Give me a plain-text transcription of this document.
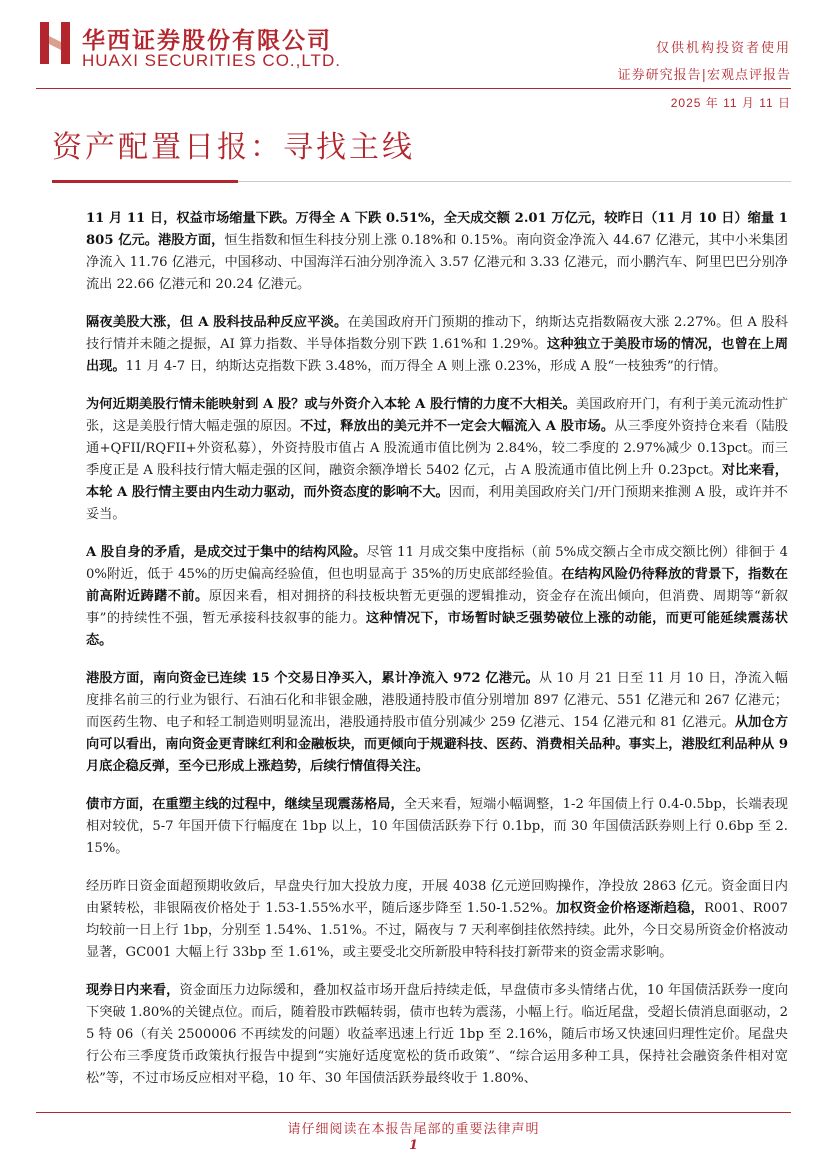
华西证券股份有限公司
HUAXI SECURITIES CO.,LTD.
仅供机构投资者使用
证券研究报告|宏观点评报告
2025 年 11 月 11 日
资产配置日报：寻找主线

11 月 11 日，权益市场缩量下跌。万得全 A 下跌 0.51%，全天成交额 2.01 万亿元，较昨日（11 月 10 日）缩量 1805 亿元。港股方面，恒生指数和恒生科技分别上涨 0.18%和 0.15%。南向资金净流入 44.67 亿港元，其中小米集团净流入 11.76 亿港元，中国移动、中国海洋石油分别净流入 3.57 亿港元和 3.33 亿港元，而小鹏汽车、阿里巴巴分别净流出 22.66 亿港元和 20.24 亿港元。

隔夜美股大涨，但 A 股科技品种反应平淡。在美国政府开门预期的推动下，纳斯达克指数隔夜大涨 2.27%。但 A 股科技行情并未随之提振，AI 算力指数、半导体指数分别下跌 1.61%和 1.29%。这种独立于美股市场的情况，也曾在上周出现。11 月 4-7 日，纳斯达克指数下跌 3.48%，而万得全 A 则上涨 0.23%，形成 A 股“一枝独秀”的行情。

为何近期美股行情未能映射到 A 股？或与外资介入本轮 A 股行情的力度不大相关。美国政府开门，有利于美元流动性扩张，这是美股行情大幅走强的原因。不过，释放出的美元并不一定会大幅流入 A 股市场。从三季度外资持仓来看（陆股通+QFII/RQFII+外资私募），外资持股市值占 A 股流通市值比例为 2.84%，较二季度的 2.97%减少 0.13pct。而三季度正是 A 股科技行情大幅走强的区间，融资余额净增长 5402 亿元，占 A 股流通市值比例上升 0.23pct。对比来看，本轮 A 股行情主要由内生动力驱动，而外资态度的影响不大。因而，利用美国政府关门/开门预期来推测 A 股，或许并不妥当。

A 股自身的矛盾，是成交过于集中的结构风险。尽管 11 月成交集中度指标（前 5%成交额占全市成交额比例）徘徊于 40%附近，低于 45%的历史偏高经验值，但也明显高于 35%的历史底部经验值。在结构风险仍待释放的背景下，指数在前高附近踌躇不前。原因来看，相对拥挤的科技板块暂无更强的逻辑推动，资金存在流出倾向，但消费、周期等“新叙事”的持续性不强，暂无承接科技叙事的能力。这种情况下，市场暂时缺乏强势破位上涨的动能，而更可能延续震荡状态。

港股方面，南向资金已连续 15 个交易日净买入，累计净流入 972 亿港元。从 10 月 21 日至 11 月 10 日，净流入幅度排名前三的行业为银行、石油石化和非银金融，港股通持股市值分别增加 897 亿港元、551 亿港元和 267 亿港元；而医药生物、电子和轻工制造则明显流出，港股通持股市值分别减少 259 亿港元、154 亿港元和 81 亿港元。从加仓方向可以看出，南向资金更青睐红利和金融板块，而更倾向于规避科技、医药、消费相关品种。事实上，港股红利品种从 9 月底企稳反弹，至今已形成上涨趋势，后续行情值得关注。

债市方面，在重塑主线的过程中，继续呈现震荡格局，全天来看，短端小幅调整，1-2 年国债上行 0.4-0.5bp，长端表现相对较优，5-7 年国开债下行幅度在 1bp 以上，10 年国债活跃券下行 0.1bp，而 30 年国债活跃券则上行 0.6bp 至 2.15%。

经历昨日资金面超预期收敛后，早盘央行加大投放力度，开展 4038 亿元逆回购操作，净投放 2863 亿元。资金面日内由紧转松，非银隔夜价格处于 1.53-1.55%水平，随后逐步降至 1.50-1.52%。加权资金价格逐渐趋稳，R001、R007 均较前一日上行 1bp，分别至 1.54%、1.51%。不过，隔夜与 7 天利率倒挂依然持续。此外，今日交易所资金价格波动显著，GC001 大幅上行 33bp 至 1.61%，或主要受北交所新股申特科技打新带来的资金需求影响。

现券日内来看，资金面压力边际缓和，叠加权益市场开盘后持续走低，早盘债市多头情绪占优，10 年国债活跃券一度向下突破 1.80%的关键点位。而后，随着股市跌幅转弱，债市也转为震荡，小幅上行。临近尾盘，受超长债消息面驱动，25 特 06（有关 2500006 不再续发的问题）收益率迅速上行近 1bp 至 2.16%，随后市场又快速回归理性定价。尾盘央行公布三季度货币政策执行报告中提到“实施好适度宽松的货币政策”、“综合运用多种工具，保持社会融资条件相对宽松”等，不过市场反应相对平稳，10 年、30 年国债活跃券最终收于 1.80%、

请仔细阅读在本报告尾部的重要法律声明
1
